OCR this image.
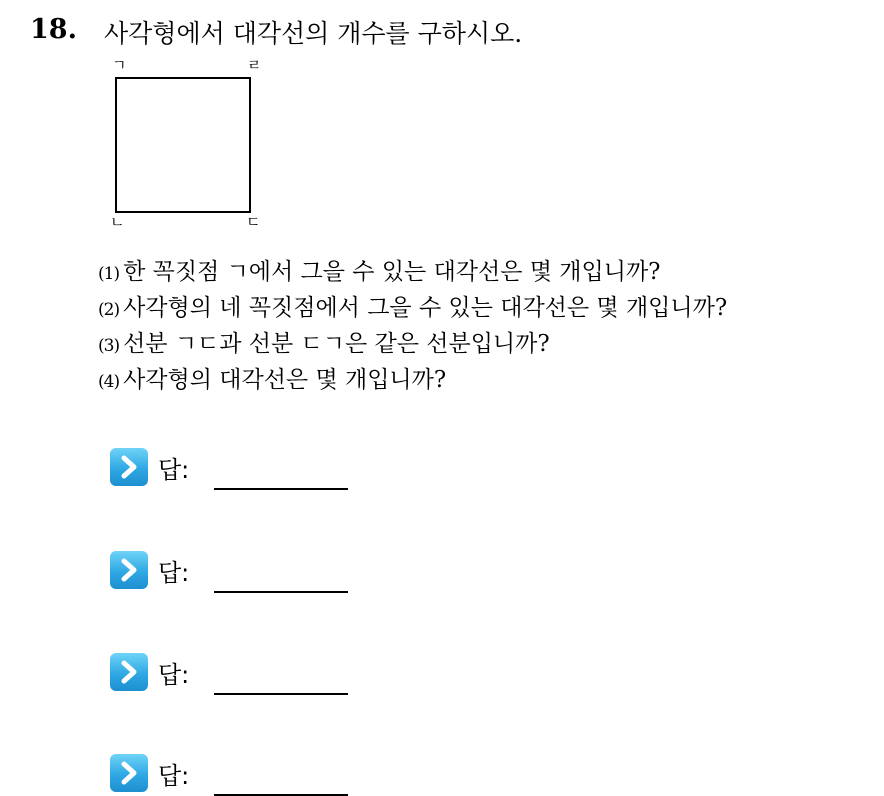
18. 사각형에서 대각선의 개수를 구하시오.
ㄱ	ㄹ
ㄴ	ㄷ
(1) 한 꼭짓점 ㄱ에서 그을 수 있는 대각선은 몇 개입니까?
(2) 사각형의 네 꼭짓점에서 그을 수 있는 대각선은 몇 개입니까?
(3) 선분 ㄱㄷ과 선분 ㄷㄱ은 같은 선분입니까?
(4) 사각형의 대각선은 몇 개입니까?
답:
답:
답:
답:
